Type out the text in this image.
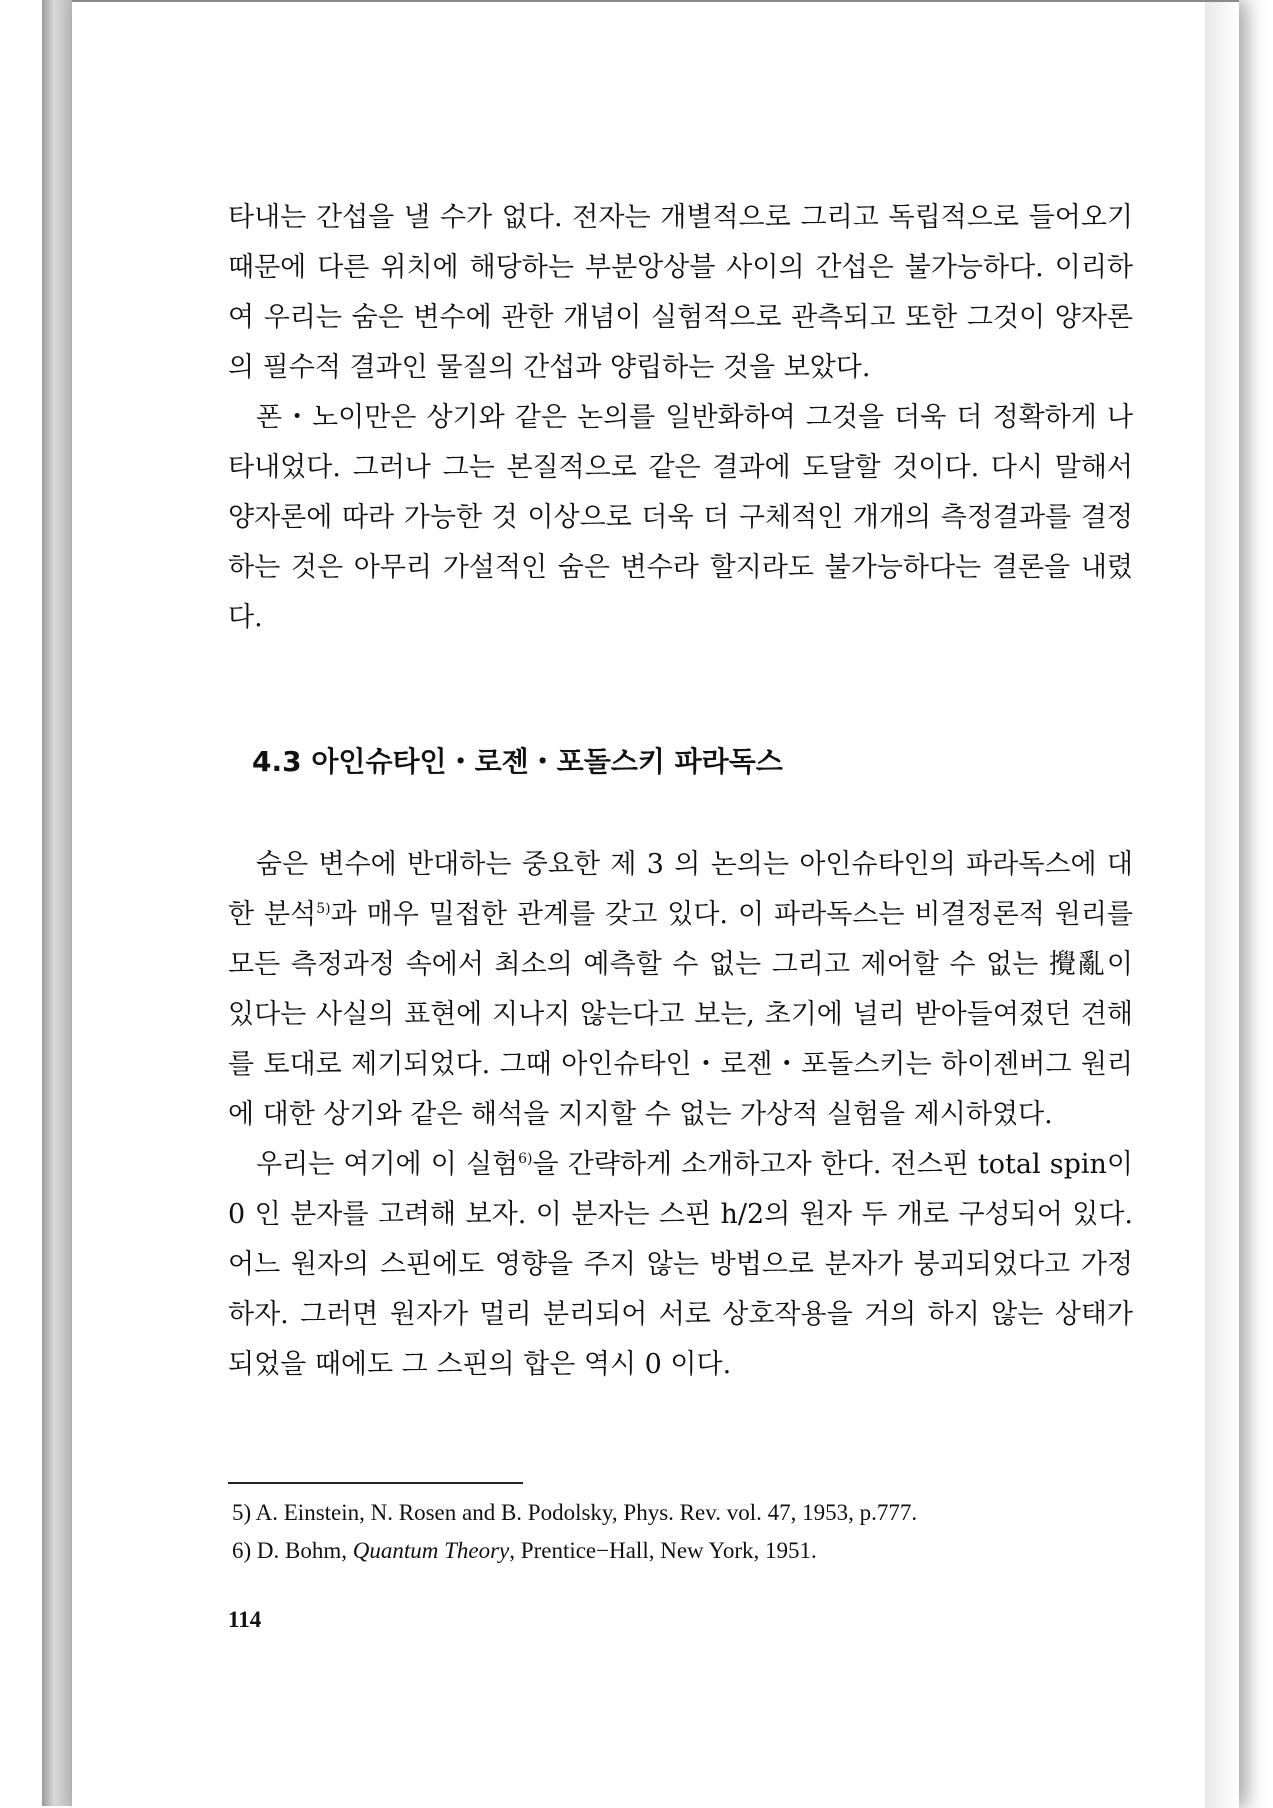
타내는 간섭을 낼 수가 없다. 전자는 개별적으로 그리고 독립적으로 들어오기 때문에 다른 위치에 해당하는 부분앙상블 사이의 간섭은 불가능하다. 이리하여 우리는 숨은 변수에 관한 개념이 실험적으로 관측되고 또한 그것이 양자론의 필수적 결과인 물질의 간섭과 양립하는 것을 보았다.

폰・노이만은 상기와 같은 논의를 일반화하여 그것을 더욱 더 정확하게 나타내었다. 그러나 그는 본질적으로 같은 결과에 도달할 것이다. 다시 말해서 양자론에 따라 가능한 것 이상으로 더욱 더 구체적인 개개의 측정결과를 결정하는 것은 아무리 가설적인 숨은 변수라 할지라도 불가능하다는 결론을 내렸다.

4.3 아인슈타인・로젠・포돌스키 파라독스

숨은 변수에 반대하는 중요한 제 3 의 논의는 아인슈타인의 파라독스에 대한 분석$^{5)}$과 매우 밀접한 관계를 갖고 있다. 이 파라독스는 비결정론적 원리를 모든 측정과정 속에서 최소의 예측할 수 없는 그리고 제어할 수 없는 攪亂이 있다는 사실의 표현에 지나지 않는다고 보는, 초기에 널리 받아들여졌던 견해를 토대로 제기되었다. 그때 아인슈타인・로젠・포돌스키는 하이젠버그 원리에 대한 상기와 같은 해석을 지지할 수 없는 가상적 실험을 제시하였다.

우리는 여기에 이 실험$^{6)}$을 간략하게 소개하고자 한다. 전스핀 total spin이 0 인 분자를 고려해 보자. 이 분자는 스핀 h/2의 원자 두 개로 구성되어 있다. 어느 원자의 스핀에도 영향을 주지 않는 방법으로 분자가 붕괴되었다고 가정하자. 그러면 원자가 멀리 분리되어 서로 상호작용을 거의 하지 않는 상태가 되었을 때에도 그 스핀의 합은 역시 0 이다.

5) A. Einstein, N. Rosen and B. Podolsky, Phys. Rev. vol. 47, 1953, p.777.

6) D. Bohm, Quantum Theory, Prentice−Hall, New York, 1951.

114
